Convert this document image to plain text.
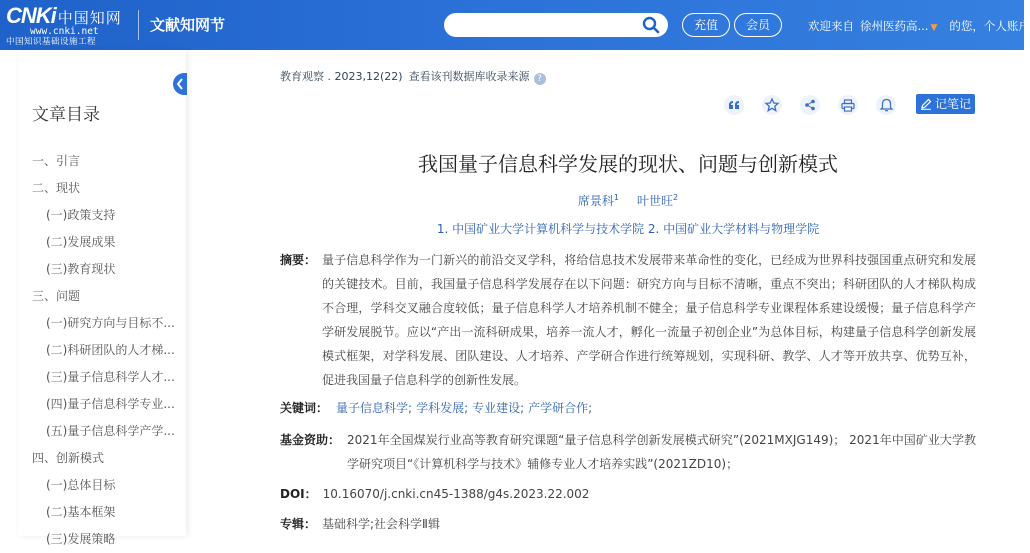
CNKi 中国知网
www.cnki.net
中国知识基础设施工程
文献知网节	充值	会员	欢迎来自 徐州医药高... ▼ 的您，个人账户
文章目录
一、引言
二、现状
(一)政策支持
(二)发展成果
(三)教育现状
三、问题
(一)研究方向与目标不...
(二)科研团队的人才梯...
(三)量子信息科学人才...
(四)量子信息科学专业...
(五)量子信息科学产学...
四、创新模式
(一)总体目标
(二)基本框架
(三)发展策略
教育观察 . 2023,12(22) 查看该刊数据库收录来源 ?
记笔记
我国量子信息科学发展的现状、问题与创新模式
席景科$^1$ 叶世旺$^2$
1. 中国矿业大学计算机科学与技术学院 2. 中国矿业大学材料与物理学院
摘要： 量子信息科学作为一门新兴的前沿交叉学科，将给信息技术发展带来革命性的变化，已经成为世界科技强国重点研究和发展的关键技术。目前，我国量子信息科学发展存在以下问题：研究方向与目标不清晰，重点不突出；科研团队的人才梯队构成不合理，学科交叉融合度较低；量子信息科学人才培养机制不健全；量子信息科学专业课程体系建设缓慢；量子信息科学产学研发展脱节。应以“产出一流科研成果，培养一流人才，孵化一流量子初创企业”为总体目标，构建量子信息科学创新发展模式框架，对学科发展、团队建设、人才培养、产学研合作进行统筹规划，实现科研、教学、人才等开放共享、优势互补，促进我国量子信息科学的创新性发展。
关键词： 量子信息科学; 学科发展; 专业建设; 产学研合作;
基金资助： 2021年全国煤炭行业高等教育研究课题“量子信息科学创新发展模式研究”(2021MXJG149)； 2021年中国矿业大学教学研究项目“《计算机科学与技术》辅修专业人才培养实践”(2021ZD10)；
DOI： 10.16070/j.cnki.cn45-1388/g4s.2023.22.002
专辑： 基础科学;社会科学Ⅱ辑
